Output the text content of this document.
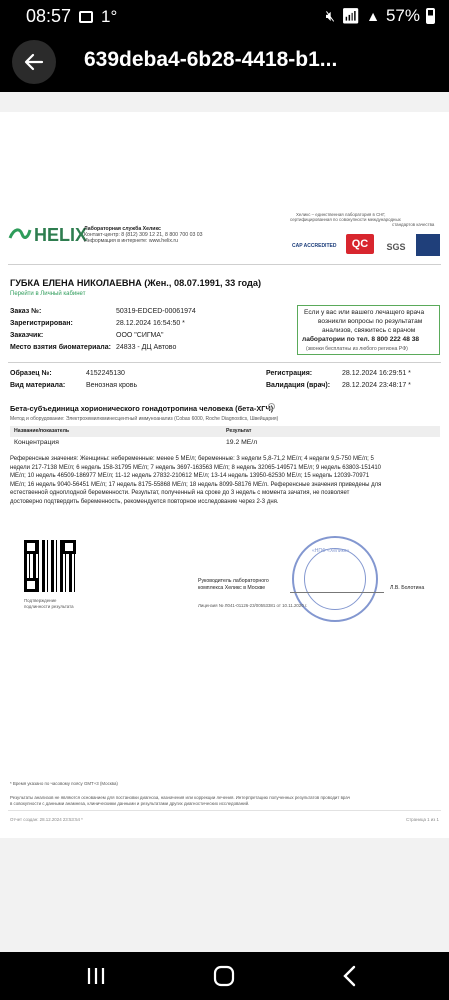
08:57 1°	🔇︎ 📶︎ ▲ 57%
639deba4-6b28-4418-b1...
HELIX
Лабораторная служба Хеликс
Контакт-центр: 8 (812) 309 12 21, 8 800 700 03 03
Информация в интернете: www.helix.ru
Хеликс – единственная лаборатория в СНГ,
сертифицированная по совокупности международных
стандартов качества
CAP ACCREDITED	QC	SGS
ГУБКА ЕЛЕНА НИКОЛАЕВНА (Жен., 08.07.1991, 33 года)
Перейти в Личный кабинет
Заказ №:	50319-EDCED-00061974
Зарегистрирован:	28.12.2024 16:54:50 *
Заказчик:	ООО "СИГМА"
Место взятия биоматериала: 24833 - ДЦ Автово
Если у вас или вашего лечащего врача
возникли вопросы по результатам
анализов, свяжитесь с врачом
лаборатории по тел. 8 800 222 48 38
(звонки бесплатны из любого региона РФ)
Образец №:	4152245130
Вид материала:	Венозная кровь
Регистрация:	28.12.2024 16:29:51 *
Валидация (врач): 28.12.2024 23:48:17 *
Бета-субъединица хорионического гонадотропина человека (бета-ХГЧ)
Метод и оборудование: Электрохемилюминесцентный иммуноанализ (Cobas 6000, Roche Diagnostics, Швейцария)
Название/показатель	Результат
Концентрация	19.2 МЕ/л
Референсные значения: Женщины: небеременные: менее 5 МЕ/л; беременные: 3 недели 5,8-71,2 МЕ/л; 4 недели 9,5-750 МЕ/л; 5
недели 217-7138 МЕ/л; 6 недель 158-31795 МЕ/л; 7 недель 3697-163563 МЕ/л; 8 недель 32065-149571 МЕ/л; 9 недель 63803-151410
МЕ/л; 10 недель 46509-186977 МЕ/л; 11-12 недель 27832-210612 МЕ/л; 13-14 недель 13950-62530 МЕ/л; 15 недель 12039-70971
МЕ/л; 16 недель 9040-56451 МЕ/л; 17 недель 8175-55868 МЕ/л; 18 недель 8099-58176 МЕ/л. Референсные значения приведены для
естественной одноплодной беременности. Результат, полученный на сроке до 3 недель с момента зачатия, не позволяет
достоверно подтвердить беременность, рекомендуется повторное исследование через 2-3 дня.
Подтверждение
подлинности результата
«НПФ «Хеликс»
Руководитель лабораторного
комплекса Хеликс в Москве	Л.В. Болотина
Лицензия № Л041-01126-23/00553381 от 10.11.2020 г.
* Время указано по часовому поясу GMT+3 (Москва)
Результаты анализов не являются основанием для постановки диагноза, назначения или коррекции лечения. Интерпретацию полученных результатов проводит врач
в совокупности с данными анамнеза, клиническими данными и результатами других диагностических исследований.
Отчет создан: 28.12.2024 23:53:54 *	Страница 1 из 1
